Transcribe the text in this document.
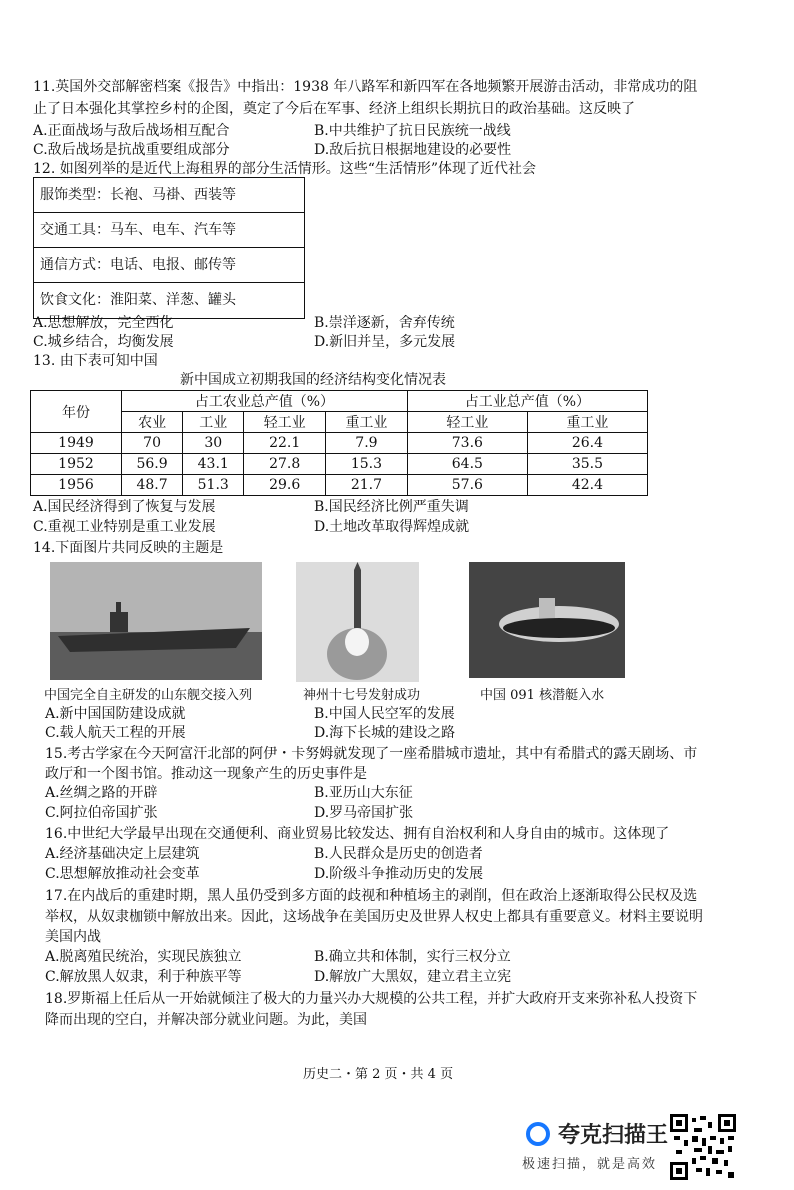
11.英国外交部解密档案《报告》中指出：1938 年八路军和新四军在各地频繁开展游击活动，非常成功的阻
止了日本强化其掌控乡村的企图，奠定了今后在军事、经济上组织长期抗日的政治基础。这反映了
A.正面战场与敌后战场相互配合	B.中共维护了抗日民族统一战线
C.敌后战场是抗战重要组成部分	D.敌后抗日根据地建设的必要性
12. 如图列举的是近代上海租界的部分生活情形。这些“生活情形”体现了近代社会
服饰类型：长袍、马褂、西装等
交通工具：马车、电车、汽车等
通信方式：电话、电报、邮传等
饮食文化：淮阳菜、洋葱、罐头
A.思想解放，完全西化	B.崇洋逐新，舍弃传统
C.城乡结合，均衡发展	D.新旧并呈，多元发展
13. 由下表可知中国
新中国成立初期我国的经济结构变化情况表
年份	占工农业总产值（%）				占工业总产值（%）	
	农业	工业	轻工业	重工业	轻工业	重工业
1949	70	30	22.1	7.9	73.6	26.4
1952	56.9	43.1	27.8	15.3	64.5	35.5
1956	48.7	51.3	29.6	21.7	57.6	42.4
A.国民经济得到了恢复与发展	B.国民经济比例严重失调
C.重视工业特别是重工业发展	D.土地改革取得辉煌成就
14.下面图片共同反映的主题是
中国完全自主研发的山东舰交接入列	神州十七号发射成功	中国 091 核潜艇入水
A.新中国国防建设成就	B.中国人民空军的发展
C.载人航天工程的开展	D.海下长城的建设之路
15.考古学家在今天阿富汗北部的阿伊・卡努姆就发现了一座希腊城市遗址，其中有希腊式的露天剧场、市
政厅和一个图书馆。推动这一现象产生的历史事件是
A.丝绸之路的开辟	B.亚历山大东征
C.阿拉伯帝国扩张	D.罗马帝国扩张
16.中世纪大学最早出现在交通便利、商业贸易比较发达、拥有自治权利和人身自由的城市。这体现了
A.经济基础决定上层建筑	B.人民群众是历史的创造者
C.思想解放推动社会变革	D.阶级斗争推动历史的发展
17.在内战后的重建时期，黑人虽仍受到多方面的歧视和种植场主的剥削，但在政治上逐渐取得公民权及选
举权，从奴隶枷锁中解放出来。因此，这场战争在美国历史及世界人权史上都具有重要意义。材料主要说明
美国内战
A.脱离殖民统治，实现民族独立	B.确立共和体制，实行三权分立
C.解放黑人奴隶，利于种族平等	D.解放广大黑奴，建立君主立宪
18.罗斯福上任后从一开始就倾注了极大的力量兴办大规模的公共工程，并扩大政府开支来弥补私人投资下
降而出现的空白，并解决部分就业问题。为此，美国
历史二・第 2 页・共 4 页
夸克扫描王
极速扫描，就是高效
